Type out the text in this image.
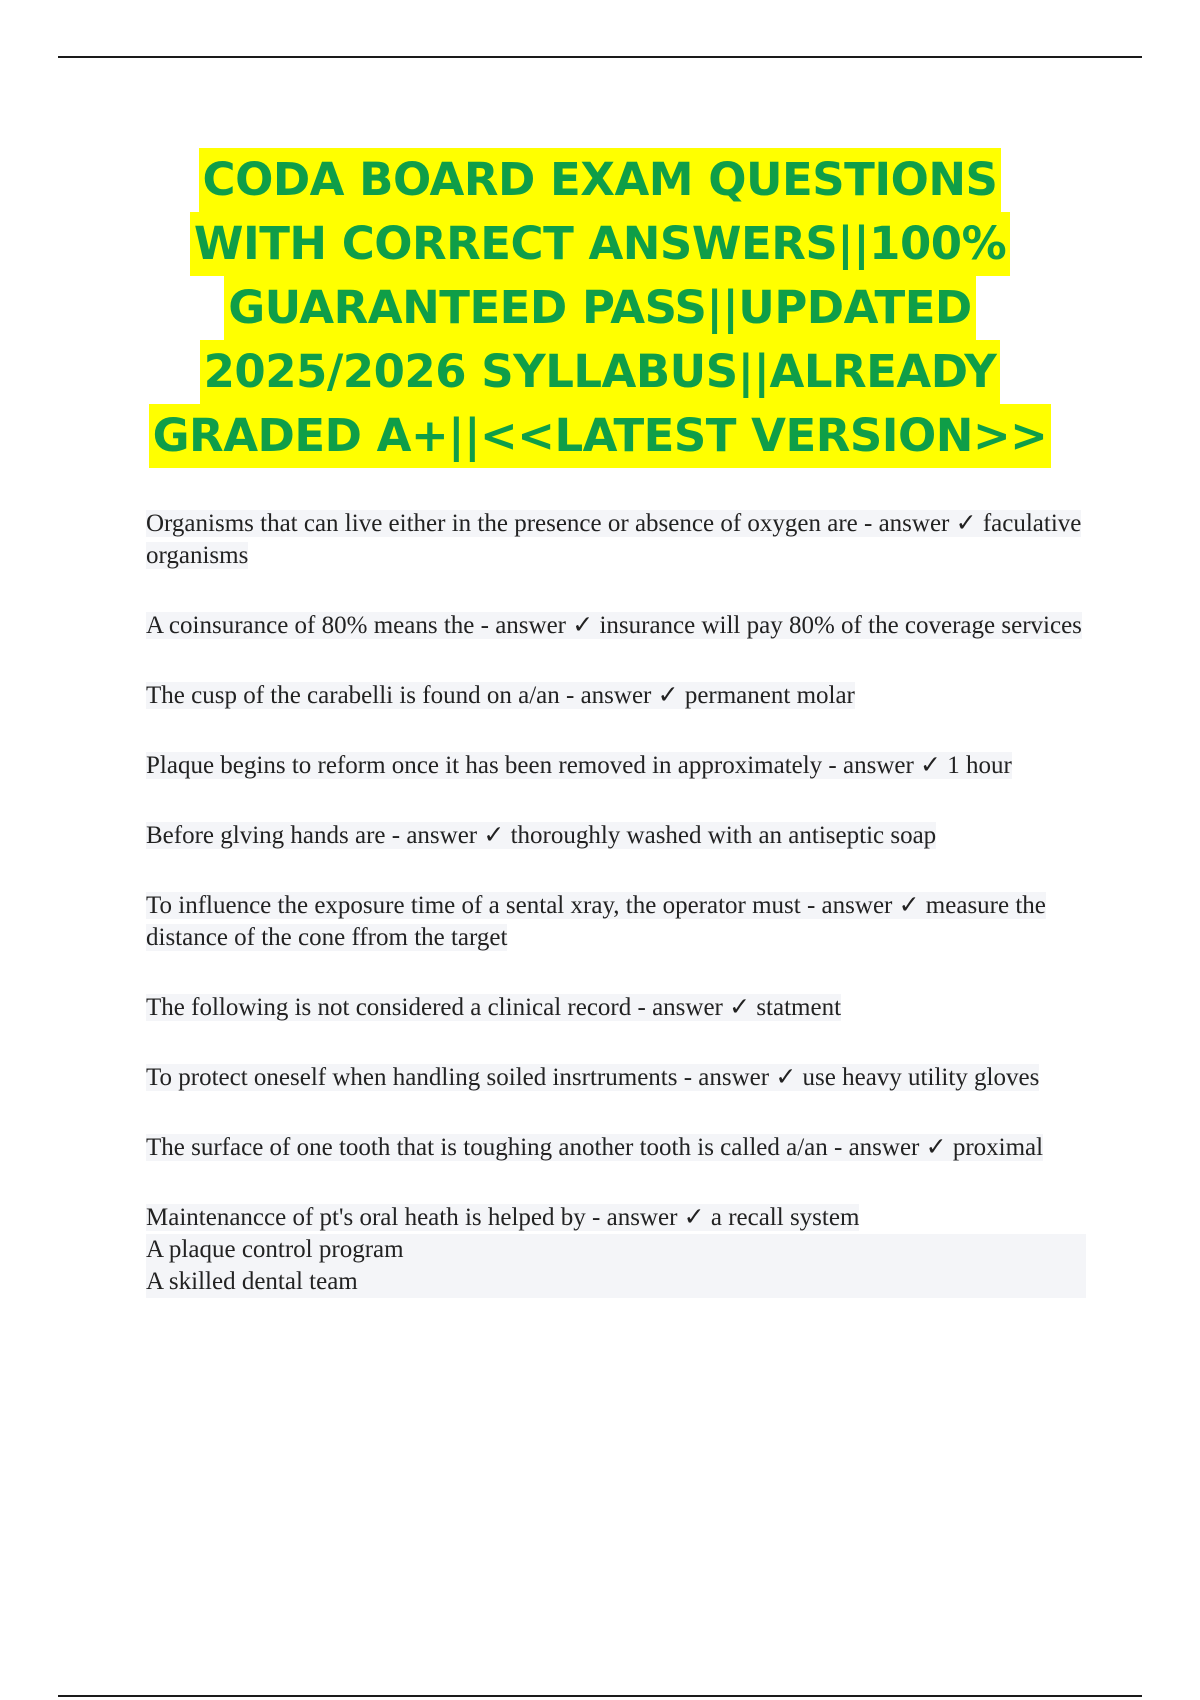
CODA BOARD EXAM QUESTIONS
WITH CORRECT ANSWERS||100%
GUARANTEED PASS||UPDATED
2025/2026 SYLLABUS||ALREADY
GRADED A+||<<LATEST VERSION>>
Organisms that can live either in the presence or absence of oxygen are - answer ✓ faculative organisms
A coinsurance of 80% means the - answer ✓ insurance will pay 80% of the coverage services
The cusp of the carabelli is found on a/an - answer ✓ permanent molar
Plaque begins to reform once it has been removed in approximately - answer ✓ 1 hour
Before glving hands are - answer ✓ thoroughly washed with an antiseptic soap
To influence the exposure time of a sental xray, the operator must - answer ✓ measure the distance of the cone ffrom the target
The following is not considered a clinical record - answer ✓ statment
To protect oneself when handling soiled insrtruments - answer ✓ use heavy utility gloves
The surface of one tooth that is toughing another tooth is called a/an - answer ✓ proximal
Maintenancce of pt's oral heath is helped by - answer ✓ a recall system
A plaque control program
A skilled dental team
